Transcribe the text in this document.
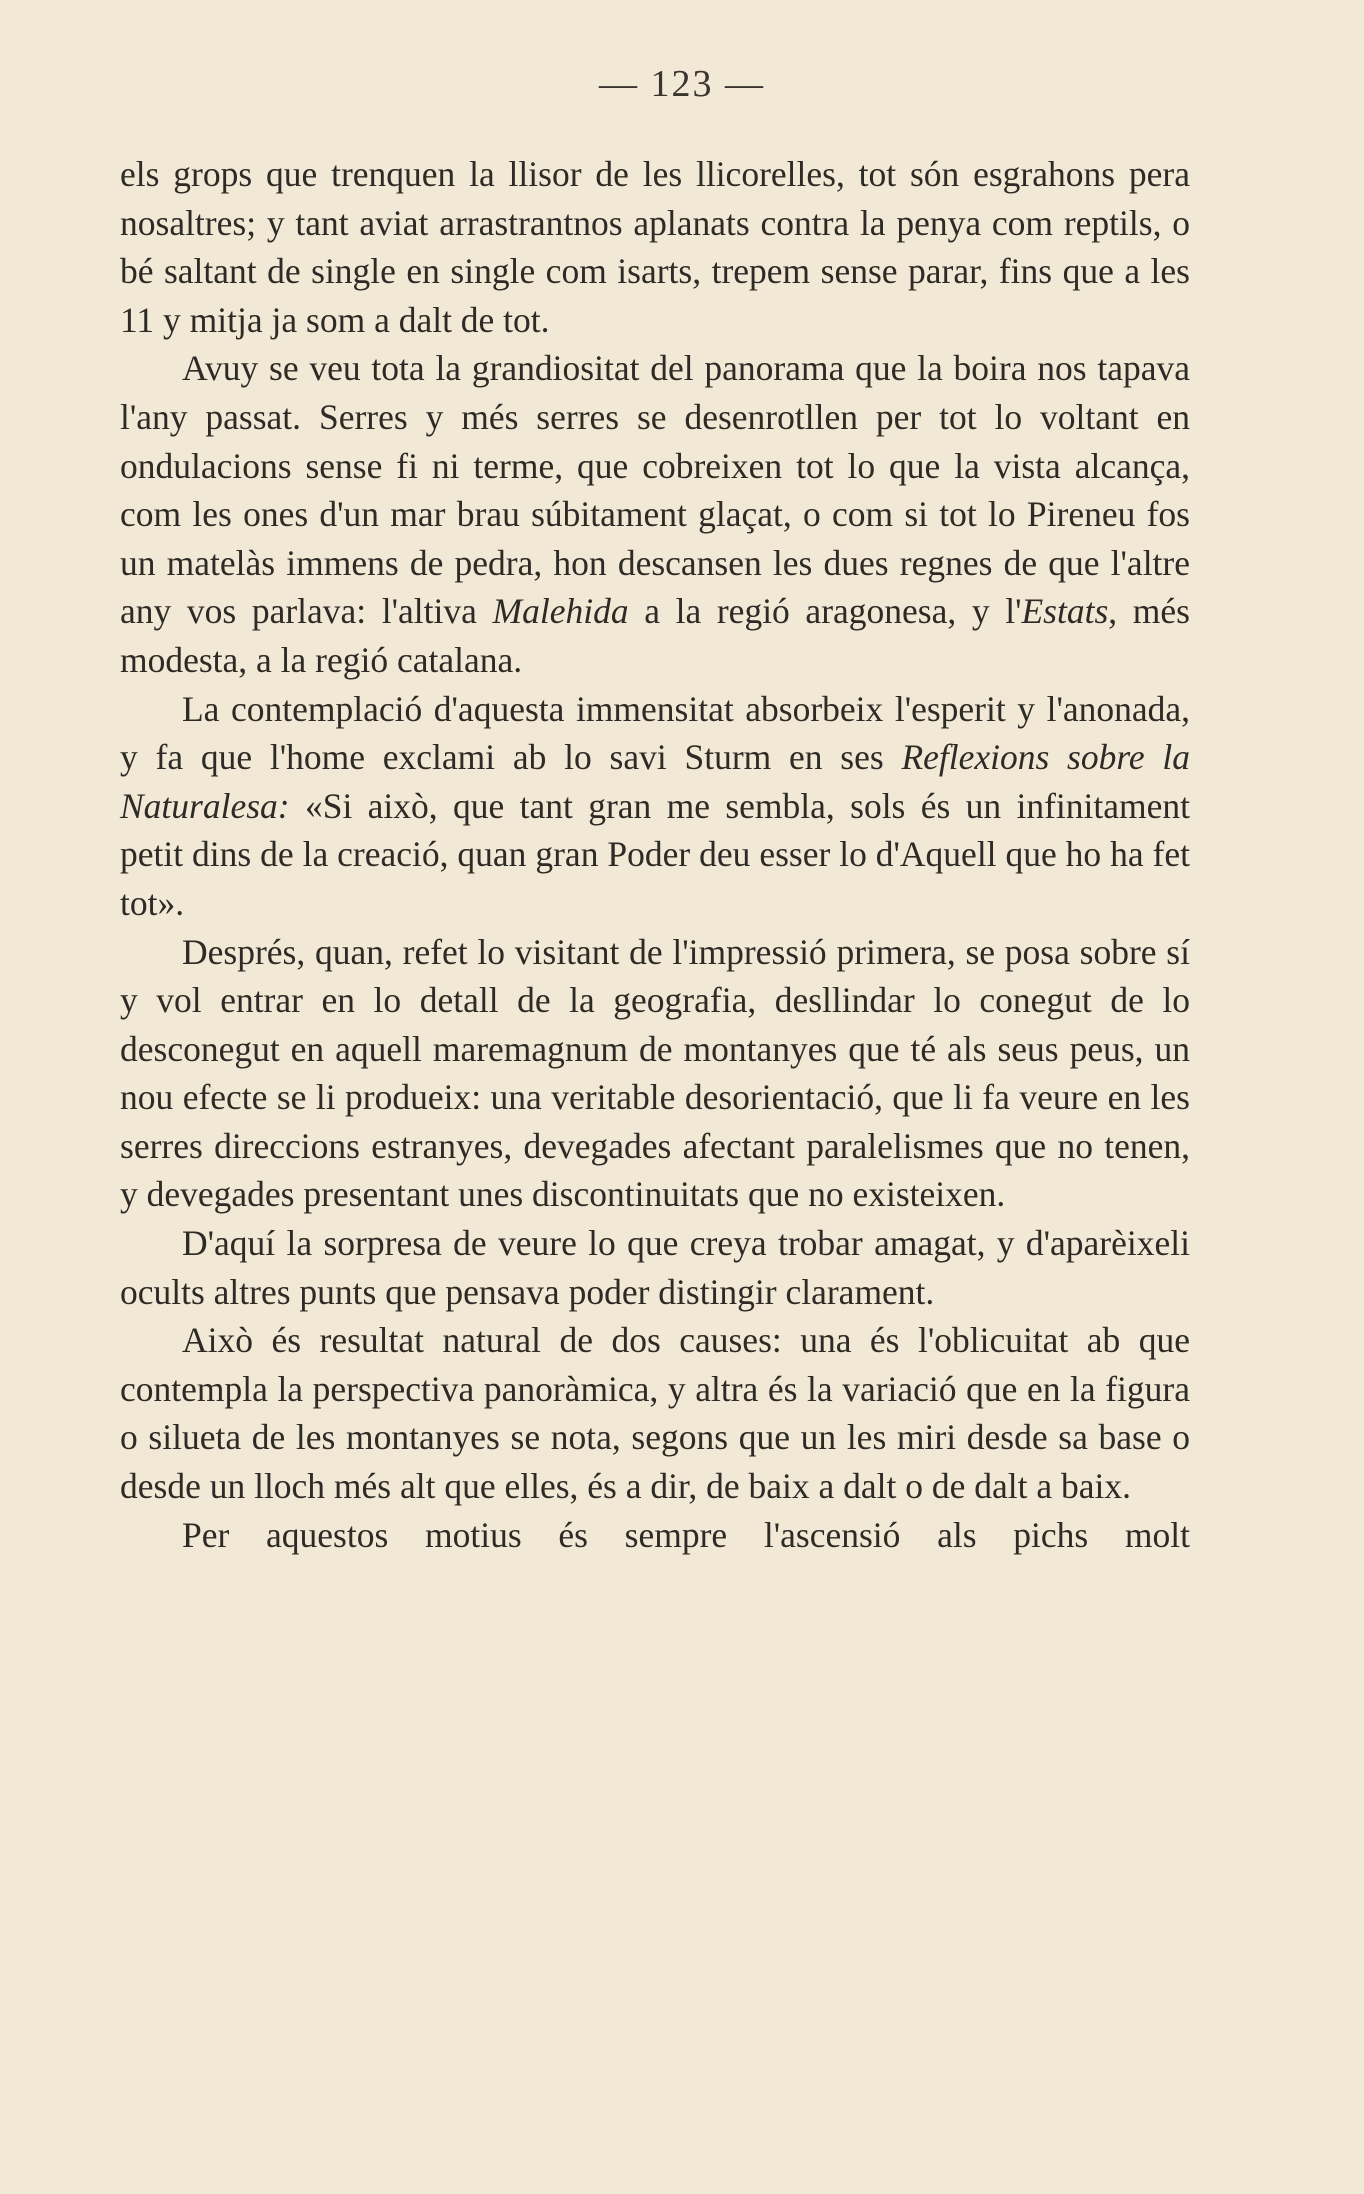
— 123 —

els grops que trenquen la llisor de les llicorelles, tot són esgrahons pera nosaltres; y tant aviat arrastrantnos aplanats contra la penya com reptils, o bé saltant de single en single com isarts, trepem sense parar, fins que a les 11 y mitja ja som a dalt de tot.

Avuy se veu tota la grandiositat del panorama que la boira nos tapava l'any passat. Serres y més serres se desenrotllen per tot lo voltant en ondulacions sense fi ni terme, que cobreixen tot lo que la vista alcança, com les ones d'un mar brau súbitament glaçat, o com si tot lo Pireneu fos un matelàs immens de pedra, hon descansen les dues regnes de que l'altre any vos parlava: l'altiva Malehida a la regió aragonesa, y l'Estats, més modesta, a la regió catalana.

La contemplació d'aquesta immensitat absorbeix l'esperit y l'anonada, y fa que l'home exclami ab lo savi Sturm en ses Reflexions sobre la Naturalesa: «Si això, que tant gran me sembla, sols és un infinitament petit dins de la creació, quan gran Poder deu esser lo d'Aquell que ho ha fet tot».

Després, quan, refet lo visitant de l'impressió primera, se posa sobre sí y vol entrar en lo detall de la geografia, desllindar lo conegut de lo desconegut en aquell maremagnum de montanyes que té als seus peus, un nou efecte se li produeix: una veritable desorientació, que li fa veure en les serres direccions estranyes, devegades afectant paralelismes que no tenen, y devegades presentant unes discontinuitats que no existeixen.

D'aquí la sorpresa de veure lo que creya trobar amagat, y d'aparèixeli ocults altres punts que pensava poder distingir clarament.

Això és resultat natural de dos causes: una és l'oblicuitat ab que contempla la perspectiva panoràmica, y altra és la variació que en la figura o silueta de les montanyes se nota, segons que un les miri desde sa base o desde un lloch més alt que elles, és a dir, de baix a dalt o de dalt a baix.

Per aquestos motius és sempre l'ascensió als pichs molt
